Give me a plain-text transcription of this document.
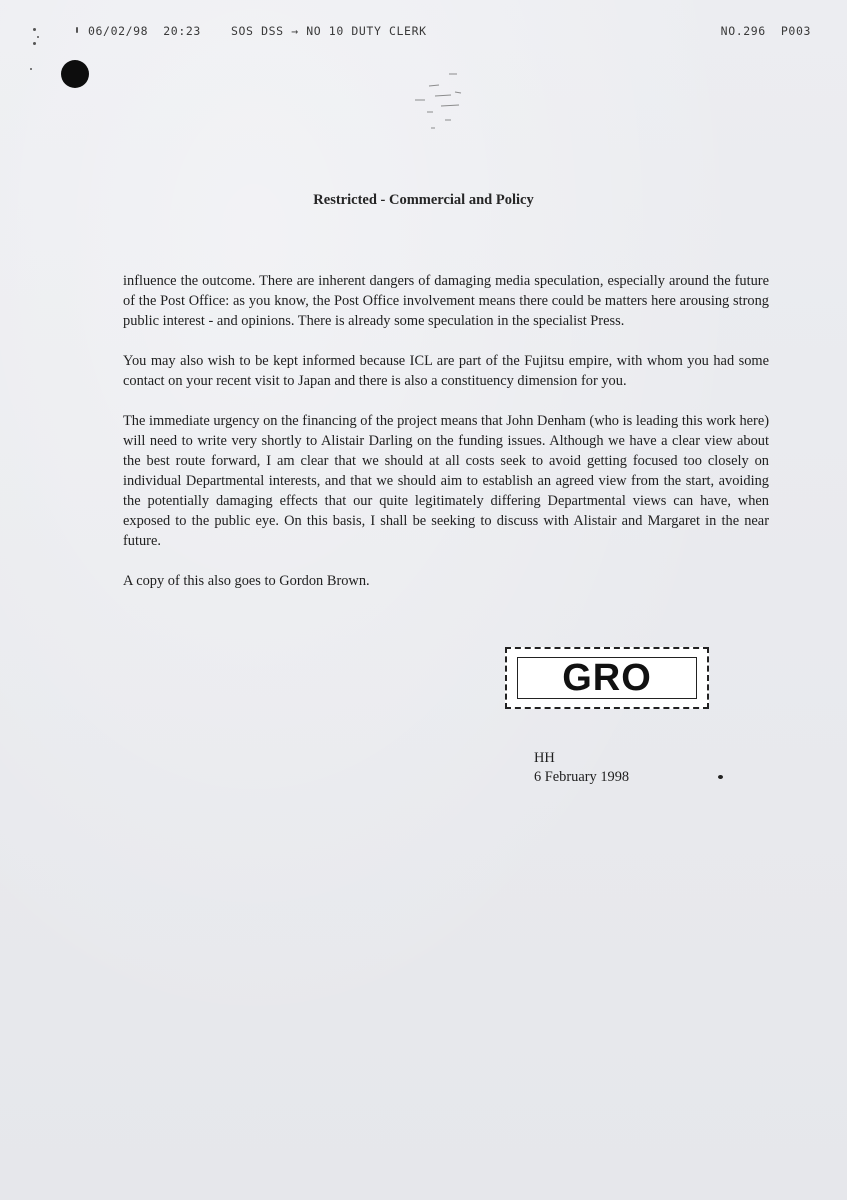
06/02/98 20:23	SOS DSS → NO 10 DUTY CLERK	NO.296 P003
Restricted - Commercial and Policy

influence the outcome. There are inherent dangers of damaging media speculation, especially around the future of the Post Office: as you know, the Post Office involvement means there could be matters here arousing strong public interest - and opinions. There is already some speculation in the specialist Press.

You may also wish to be kept informed because ICL are part of the Fujitsu empire, with whom you had some contact on your recent visit to Japan and there is also a constituency dimension for you.

The immediate urgency on the financing of the project means that John Denham (who is leading this work here) will need to write very shortly to Alistair Darling on the funding issues. Although we have a clear view about the best route forward, I am clear that we should at all costs seek to avoid getting focused too closely on individual Departmental interests, and that we should aim to establish an agreed view from the start, avoiding the potentially damaging effects that our quite legitimately differing Departmental views can have, when exposed to the public eye. On this basis, I shall be seeking to discuss with Alistair and Margaret in the near future.

A copy of this also goes to Gordon Brown.

GRO
HH
6 February 1998
